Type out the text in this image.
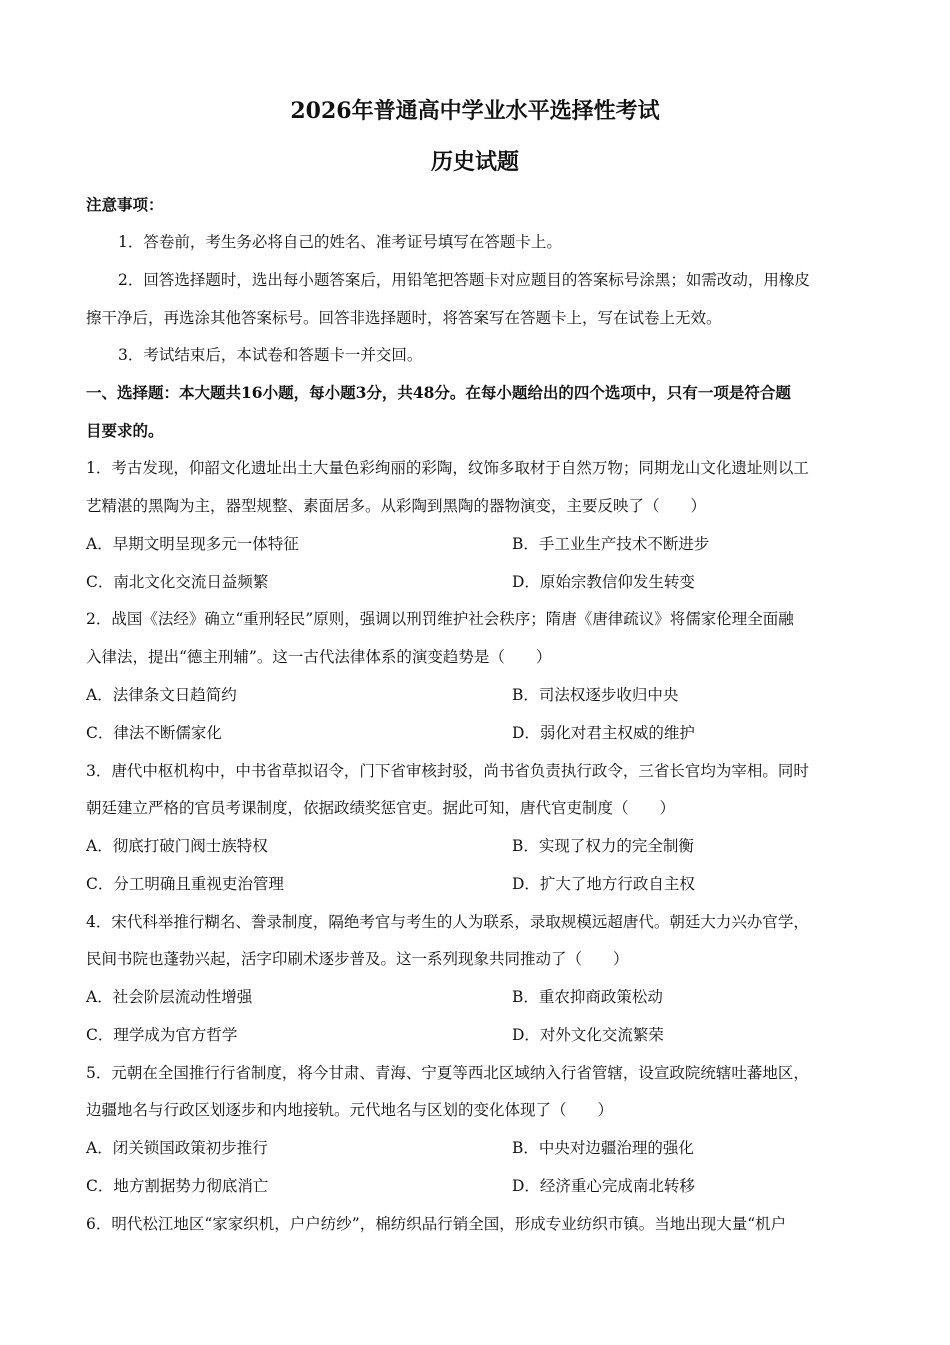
2026年普通高中学业水平选择性考试
历史试题
注意事项：
1．答卷前，考生务必将自己的姓名、准考证号填写在答题卡上。
2．回答选择题时，选出每小题答案后，用铅笔把答题卡对应题目的答案标号涂黑；如需改动，用橡皮
擦干净后，再选涂其他答案标号。回答非选择题时，将答案写在答题卡上，写在试卷上无效。
3．考试结束后，本试卷和答题卡一并交回。
一、选择题：本大题共16小题，每小题3分，共48分。在每小题给出的四个选项中，只有一项是符合题
目要求的。
1．考古发现，仰韶文化遗址出土大量色彩绚丽的彩陶，纹饰多取材于自然万物；同期龙山文化遗址则以工
艺精湛的黑陶为主，器型规整、素面居多。从彩陶到黑陶的器物演变，主要反映了（　　）
A．早期文明呈现多元一体特征	B．手工业生产技术不断进步
C．南北文化交流日益频繁	D．原始宗教信仰发生转变
2．战国《法经》确立“重刑轻民”原则，强调以刑罚维护社会秩序；隋唐《唐律疏议》将儒家伦理全面融
入律法，提出“德主刑辅”。这一古代法律体系的演变趋势是（　　）
A．法律条文日趋简约	B．司法权逐步收归中央
C．律法不断儒家化	D．弱化对君主权威的维护
3．唐代中枢机构中，中书省草拟诏令，门下省审核封驳，尚书省负责执行政令，三省长官均为宰相。同时
朝廷建立严格的官员考课制度，依据政绩奖惩官吏。据此可知，唐代官吏制度（　　）
A．彻底打破门阀士族特权	B．实现了权力的完全制衡
C．分工明确且重视吏治管理	D．扩大了地方行政自主权
4．宋代科举推行糊名、誊录制度，隔绝考官与考生的人为联系，录取规模远超唐代。朝廷大力兴办官学，
民间书院也蓬勃兴起，活字印刷术逐步普及。这一系列现象共同推动了（　　）
A．社会阶层流动性增强	B．重农抑商政策松动
C．理学成为官方哲学	D．对外文化交流繁荣
5．元朝在全国推行行省制度，将今甘肃、青海、宁夏等西北区域纳入行省管辖，设宣政院统辖吐蕃地区，
边疆地名与行政区划逐步和内地接轨。元代地名与区划的变化体现了（　　）
A．闭关锁国政策初步推行	B．中央对边疆治理的强化
C．地方割据势力彻底消亡	D．经济重心完成南北转移
6．明代松江地区“家家织机，户户纺纱”，棉纺织品行销全国，形成专业纺织市镇。当地出现大量“机户
